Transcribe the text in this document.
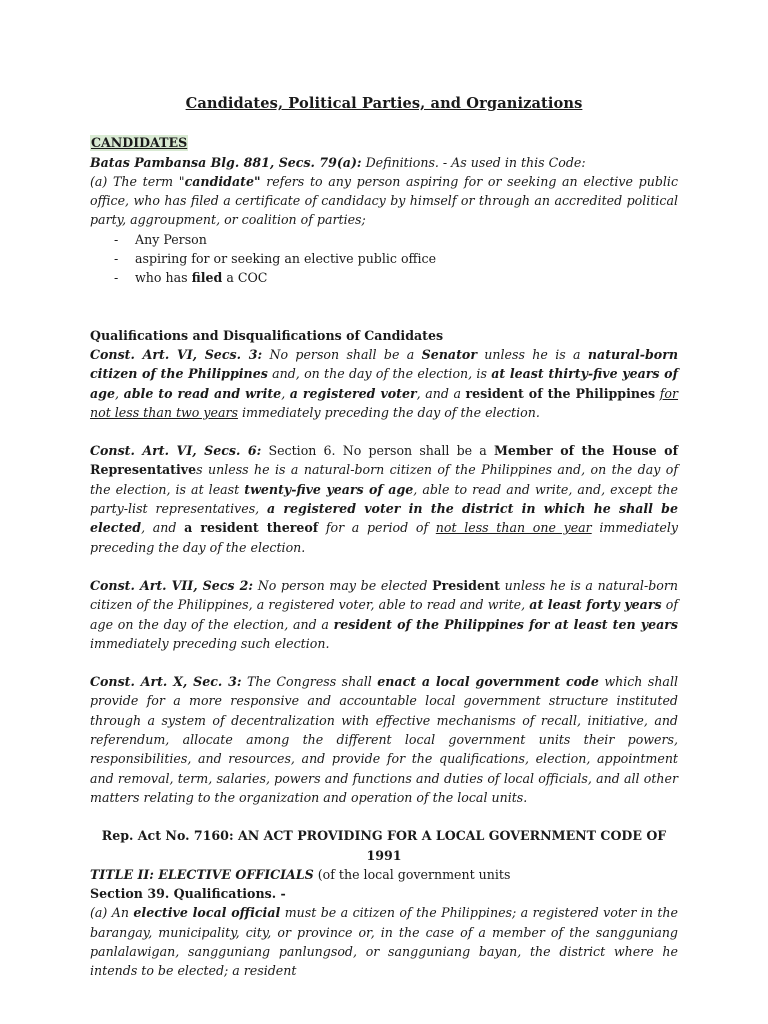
Candidates, Political Parties, and Organizations

CANDIDATES

Batas Pambansa Blg. 881, Secs. 79(a): Definitions. - As used in this Code:

(a) The term "candidate" refers to any person aspiring for or seeking an elective public office, who has filed a certificate of candidacy by himself or through an accredited political party, aggroupment, or coalition of parties;

- Any Person
- aspiring for or seeking an elective public office
- who has filed a COC

Qualifications and Disqualifications of Candidates

Const. Art. VI, Secs. 3: No person shall be a Senator unless he is a natural-born citizen of the Philippines and, on the day of the election, is at least thirty-five years of age, able to read and write, a registered voter, and a resident of the Philippines for not less than two years immediately preceding the day of the election.

Const. Art. VI, Secs. 6: Section 6. No person shall be a Member of the House of Representatives unless he is a natural-born citizen of the Philippines and, on the day of the election, is at least twenty-five years of age, able to read and write, and, except the party-list representatives, a registered voter in the district in which he shall be elected, and a resident thereof for a period of not less than one year immediately preceding the day of the election.

Const. Art. VII, Secs 2: No person may be elected President unless he is a natural-born citizen of the Philippines, a registered voter, able to read and write, at least forty years of age on the day of the election, and a resident of the Philippines for at least ten years immediately preceding such election.

Const. Art. X, Sec. 3: The Congress shall enact a local government code which shall provide for a more responsive and accountable local government structure instituted through a system of decentralization with effective mechanisms of recall, initiative, and referendum, allocate among the different local government units their powers, responsibilities, and resources, and provide for the qualifications, election, appointment and removal, term, salaries, powers and functions and duties of local officials, and all other matters relating to the organization and operation of the local units.

Rep. Act No. 7160: AN ACT PROVIDING FOR A LOCAL GOVERNMENT CODE OF 1991

TITLE II: ELECTIVE OFFICIALS (of the local government units

Section 39. Qualifications. -

(a) An elective local official must be a citizen of the Philippines; a registered voter in the barangay, municipality, city, or province or, in the case of a member of the sangguniang panlalawigan, sangguniang panlungsod, or sangguniang bayan, the district where he intends to be elected; a resident
